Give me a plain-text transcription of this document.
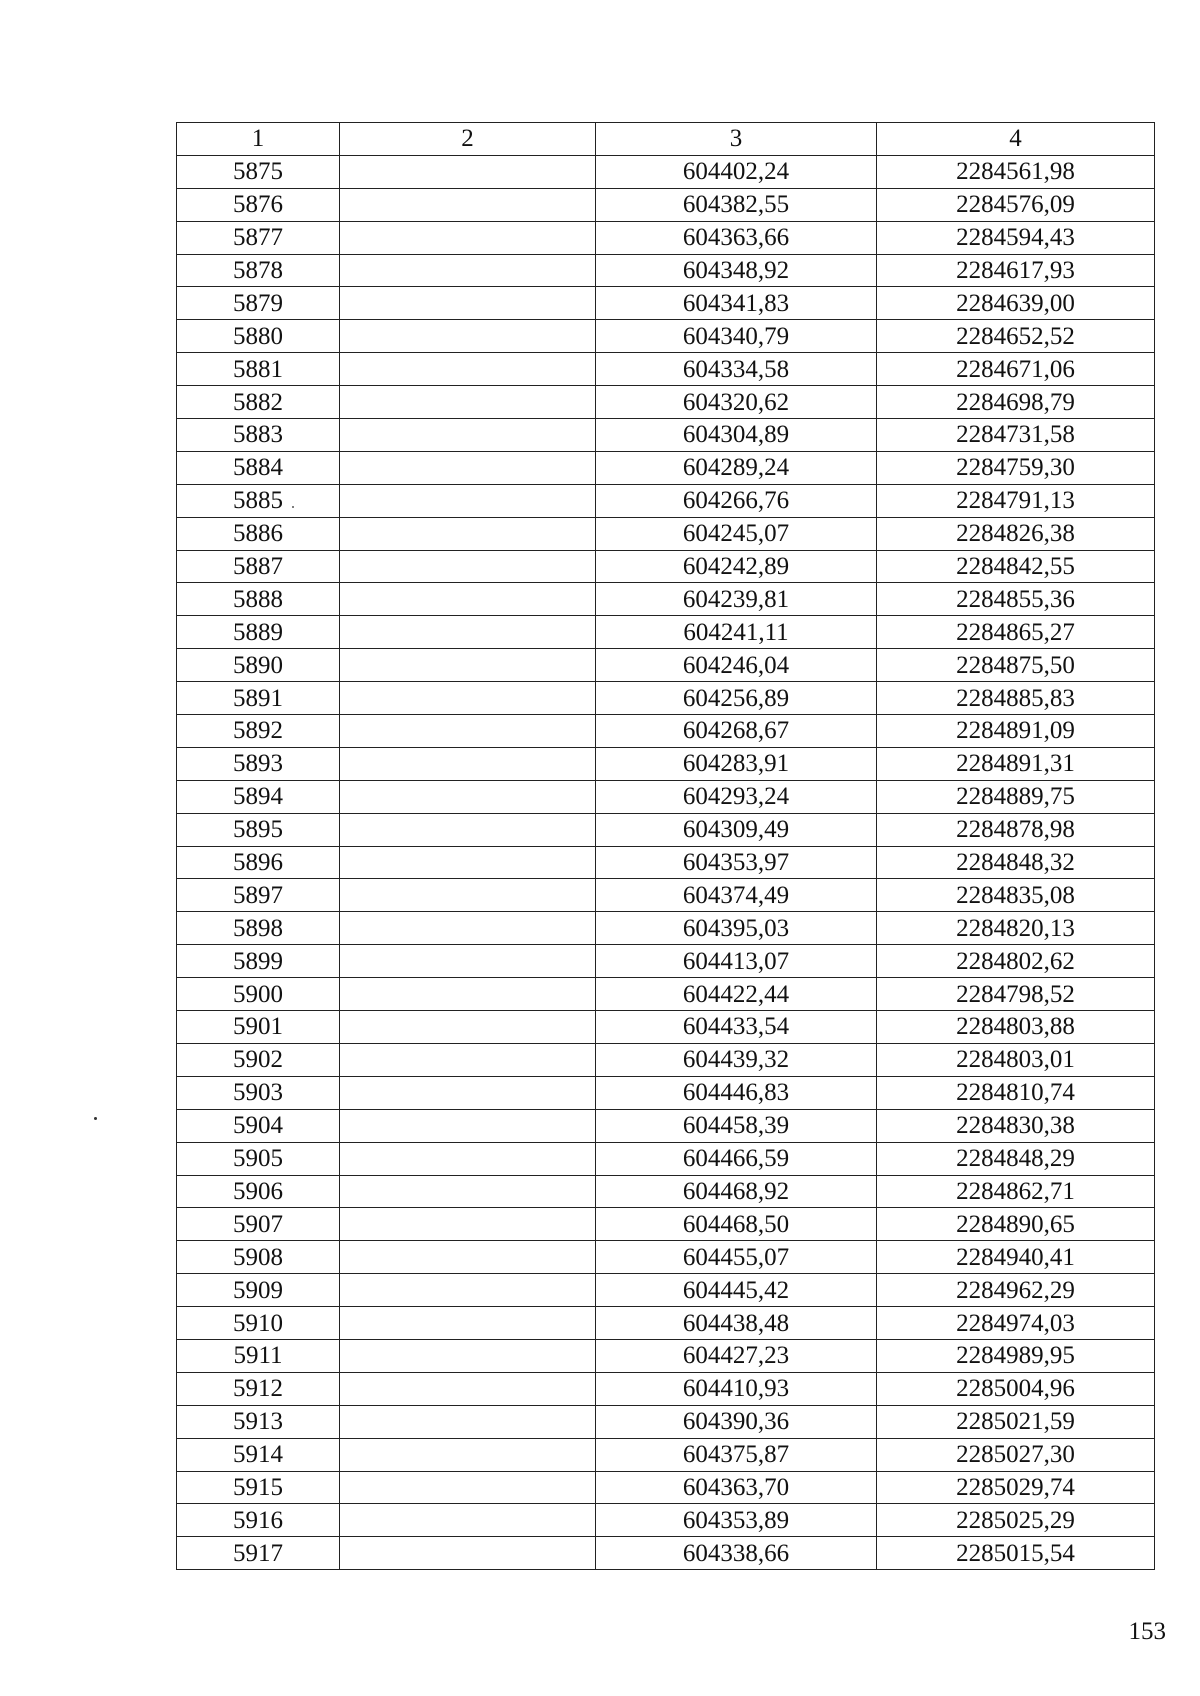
1	2	3	4
5875		604402,24	2284561,98
5876		604382,55	2284576,09
5877		604363,66	2284594,43
5878		604348,92	2284617,93
5879		604341,83	2284639,00
5880		604340,79	2284652,52
5881		604334,58	2284671,06
5882		604320,62	2284698,79
5883		604304,89	2284731,58
5884		604289,24	2284759,30
5885		604266,76	2284791,13
5886		604245,07	2284826,38
5887		604242,89	2284842,55
5888		604239,81	2284855,36
5889		604241,11	2284865,27
5890		604246,04	2284875,50
5891		604256,89	2284885,83
5892		604268,67	2284891,09
5893		604283,91	2284891,31
5894		604293,24	2284889,75
5895		604309,49	2284878,98
5896		604353,97	2284848,32
5897		604374,49	2284835,08
5898		604395,03	2284820,13
5899		604413,07	2284802,62
5900		604422,44	2284798,52
5901		604433,54	2284803,88
5902		604439,32	2284803,01
5903		604446,83	2284810,74
5904		604458,39	2284830,38
5905		604466,59	2284848,29
5906		604468,92	2284862,71
5907		604468,50	2284890,65
5908		604455,07	2284940,41
5909		604445,42	2284962,29
5910		604438,48	2284974,03
5911		604427,23	2284989,95
5912		604410,93	2285004,96
5913		604390,36	2285021,59
5914		604375,87	2285027,30
5915		604363,70	2285029,74
5916		604353,89	2285025,29
5917		604338,66	2285015,54
153
